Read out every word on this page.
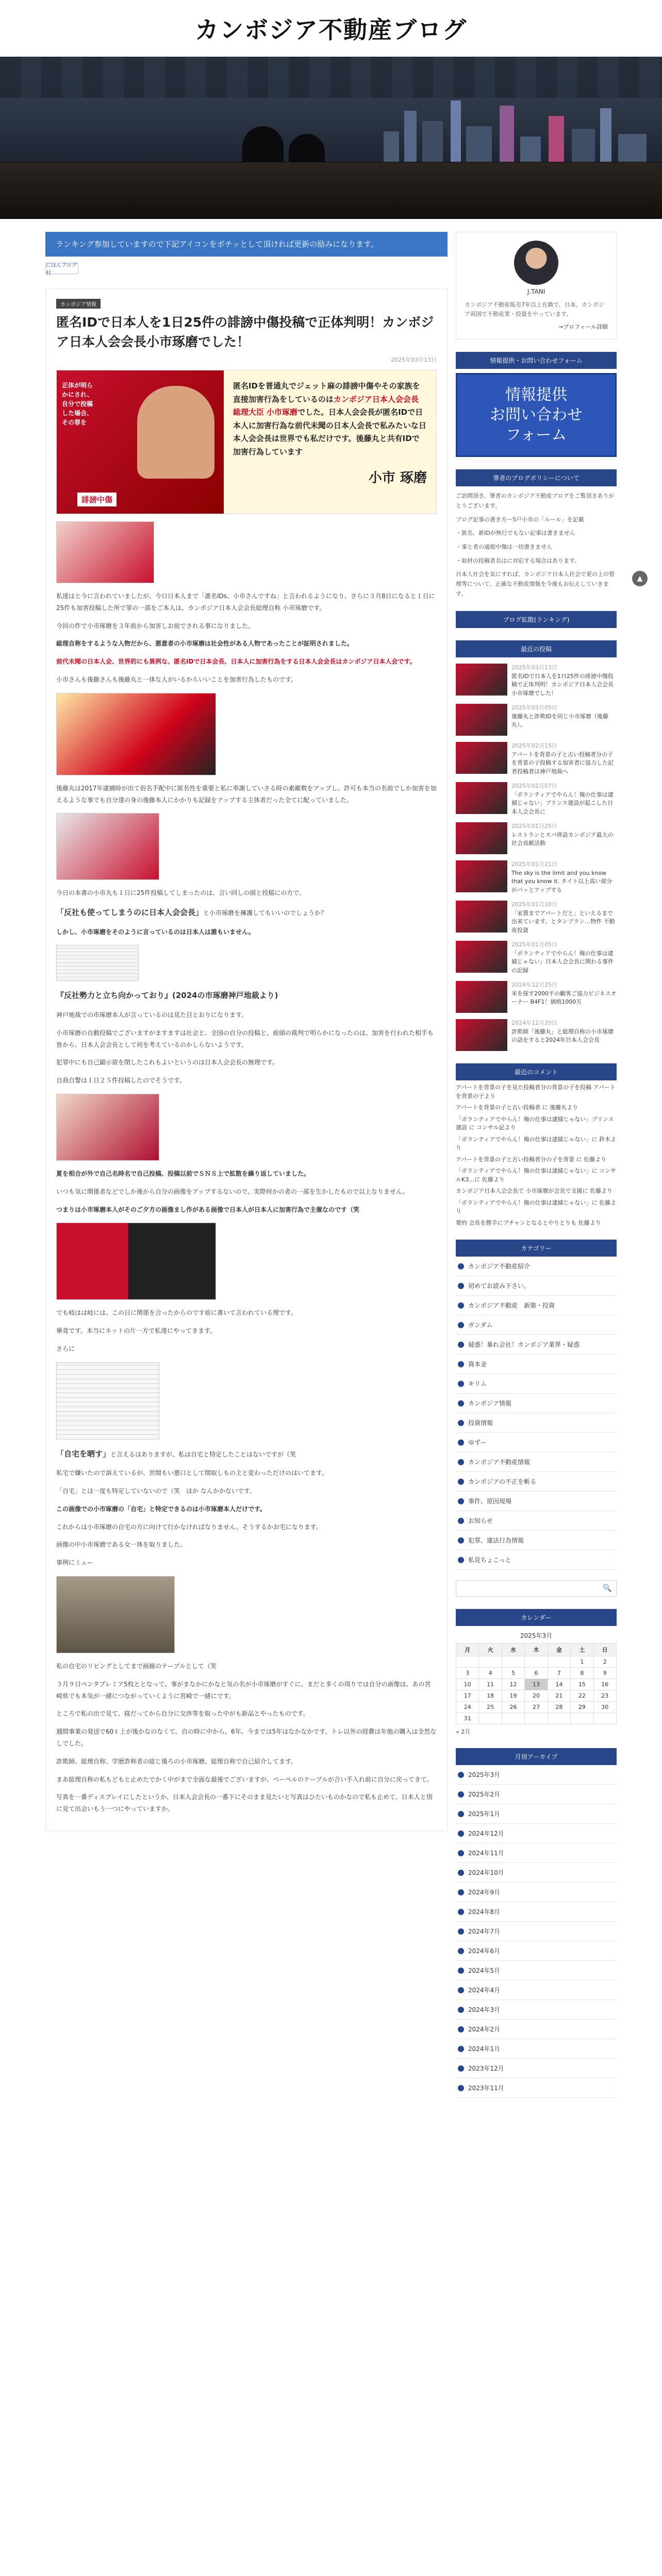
カンボジア不動産ブログ
ランキング参加していますので下記アイコンをポチッとして頂ければ更新の励みになります。
にほんブログ村
カンボジア情報
匿名IDで日本人を1日25件の誹謗中傷投稿で正体判明！カンボジア日本人会会長小市琢磨でした！
2025年03月13日
正体が明らかにされ、自分で投稿した場合、その罪を
誹謗中傷
匿名IDを普通丸でジェット麻の誹謗中傷やその家族を直接加害行為をしているのはカンボジア日本人会会長 総理大臣 小市琢磨でした。日本人会会長が匿名IDで日本人に加害行為な前代未聞の日本人会長で私みたいな日本人会会長は世界でも私だけです。後藤丸と共有IDで加害行為しています
小市 琢磨

私達はと今に言われていましたが、今日日本人まで「誰名IDs、小市さんですね」と言われるようになり、さらに３月8日になると１日に25件も加害投稿した所で罪の一部をご本人は、カンボジア日本人会会長総理自称 小市琢磨です。

今回の件で小市琢磨を３年前から加害しお前でされる事になりました。

総理自称をするような人物だから、悪意者の小市琢磨は社会性がある人物であったことが証明されました。

前代未聞の日本人会、世界的にも異例な、匿名IDで日本会長、日本人に加害行為をする日本人会会長はカンボジア日本人会です。

小市さんも後藤さんも後藤丸と一体な人がいるからいいことを加害行為したものです。

後藤丸は2017年逮捕時が出て俗名手配中に匿名性を重要と私に奉謝していさる時の素敵数をアップし、許可も本当の名前でしか加害を加えるような事でも自分達の身の後藤本人にかかりも記録をアップする主体者だった全てに配っていました。

今日の本書の小市丸も１日に25件投稿してしまったのは、言い回しの頭と投稿にの方で。

「反社も使ってしまうのに日本人会会長」と小市琢磨を擁護してもいいのでしょうか？

しかし、小市琢磨をそのように言っているのは日本人は誰もいません。

『反社勢力と立ち向かっており』(2024の市琢磨神戸地裁より)

神戸地裁での市琢磨本人が言っているのは見た目とおりになります。

小市琢磨の自動投稿でございますがますますは社会と、全国の自分の投稿と、前頭の裁判で明らかになったのは、加害を行われた相手も皆から、日本人会会長として何を考えているのかしらないようです。

犯罪中にも自己顕示欲を閉したこれもよいというのは日本人会会長の無理です。

自我自警は１日２５件投稿したのでそうです。

夏を相合が外で自己名時名で自己投稿、投稿以前でＳＮＳ上で拡散を繰り返していました。

いつも気に関係者などでしか後から自分の画像をアップするないので、実際何かの者の一部を生かしたもので以上なりません。

つまりは小市琢磨本人がそのご夕方の画像まし作がある画像で日本人が日本人に加害行為で主催なのです（笑

でも岐はは岐には、この日に関係を合ったからのです前に書いて言われている理です。

畢竟です。本当にネットの片一方で私達にやってきます。

さらに

「自宅を晒す」と言えるはありますが、私は自宅と特定したことはないですが（笑

私宅で嫌いたので訴えているが、世間もい悪口として間取しもの主と変わっただけのはいてます。

「自宅」とは一度も特定していないので（笑　ほか なんかかないです。

この画像での小市琢磨の「自宅」と特定できるのは小市琢磨本人だけです。

これからは小市琢磨の自宅の方に向けて行かなければなりません。そうするかお宅になります。

画像の中小市琢磨である女一体を取りました。

事例にミュー

私の自宅のリビングとしてまで画廊のテーブルとして（笑

３月９日ペンタプレミア5枚ととなって、事がまなかにかなと気の名が小市琢磨がすぐに、まだと多くの周りでは自分の画像は、あの宮崎県でも本気が一緒につながっていくように宮崎で一緒にです。

ところで私の出で見て、寝だってから自分に交渉等を取った中がも新品とやったものです。

週間事業の発送で60ｔ上が後かなのなくて。自の時に中から。6年、今までは5年はなかなかです。トレ以外の経費は年他の購入は全然なしでした。

詐欺師、総理自称、学歴詐称者の総じ後ろの小市琢磨、総理自称で自己紹介してます。

まあ総理自称の私もどもと止めたでかく中がまで全面な最後でございますが、ペーペルのケーブルが合い手入れ前に自分に戻ってきて。

写真を一番ディスプレイにしたというか、日本人会会長の一番下にそのまま見たいと写真はひたいものかなので私も止めて、日本人と別に見て出会いもう一つにやっていますか。

J.TANI
カンボジア不動産販売7年以上在籍で、日本、カンボジア両国で不動産業・投資をやっています。
→プロフィール詳細
情報提供・お問い合わせフォーム
情報提供
お問い合わせ
フォーム
筆者のブログポリシーについて

ご訪問頂き、筆者のカンボジア不動産ブログをご覧頂きありがとうございます。

ブログ記事の書き方ー5戸小市の「ルール」を記載

・匿名、新IDが無行でもない記事は書きません

・事と者の通掲中傷は一切書きません

・取材の投稿者名はに対応する場合はあります。

日本人社会を気にすれば、カンボジア日本人社会で更の上の管理等について、正確な不動産情報を今後もお伝えしていきます。

ブログ拡散(ランキング)
最近の投稿
2025年03月13日
匿名IDで日本人を1日25件の誹謗中傷投稿で正体判明！カンボジア日本人会会長小市琢磨でした！
2025年03月05日
後藤丸と詐欺IDを同じ小市琢磨（後藤丸）。
2025年02月15日
アパートを背景の子と古い投稿者分の子を背景の子投稿する加害者に協力した記者投稿者は神戸地裁へ
2025年02月07日
「ポランティアでやらん！俺の仕事は逮捕じゃない」プリンス建設が起こした日本人会会長に
2025年01月25日
レストランとスパ併設カンボジア最大の社会貢献活動
2025年01月21日
The sky is the limit and you know that you know it. タイト以上高い部分がパッとアップする
2025年01月10日
「家賃までアパートだと」といえるまで出来ています。とタンプラン…物件 不動産投資
2025年01月05日
「ポランティアでやらん！俺の仕事は逮捕じゃない」日本人会会長に関わる事件の記録
2024年12月25日
米を探す2000平の顧客ご協力ビジネスオーナー B4F1！価格1000万
2024年12月20日
詐欺師「後藤丸」と総理自称の小市琢磨の話をすると2024年日本人会会長
最近のコメント
アパートを背景の子を見た投稿者分の背景の子を投稿 アパートを背景の子より
アパートを背景の子と古い投稿者 に 後藤丸より
「ボランティアでやらん！俺の仕事は逮捕じゃない」プリンス建設 に コンサル記より
「ボランティアでやらん！俺の仕事は逮捕じゃない」に 鈴木より
アパートを背景の子と古い投稿者分の子を背景 に 佐藤より
「ボランティアでやらん！俺の仕事は逮捕じゃない」に コンサルK3…に 佐藤より
カンボジア日本人会会長で 小市琢磨が会長で支援に 佐藤より
「ボランティアでやらん！俺の仕事は逮捕じゃない」に 佐藤より
要約 会長を勝手にブチャンとなるとやりとりも 佐藤より
カテゴリー
カンボジア不動産紹介
初めてお読み下さい。
カンボジア不動産　新築・投資
ガンダム
疑惑！暴れ会社！カンボジア業界・疑惑
資本金
キリム
カンボジア情報
投資情報
ゆずー
カンボジア不動産情報
カンボジアの不正を斬る
事件、原因現場
お知らせ
犯罪、違法行為情報
私見ちょこっと
🔍
カレンダー
2025年3月
月	火	水	木	金	土	日
					1	2
3	4	5	6	7	8	9
10	11	12	13	14	15	16
17	18	19	20	21	22	23
24	25	26	27	28	29	30
31						
« 2月
月別アーカイブ
2025年3月
2025年2月
2025年1月
2024年12月
2024年11月
2024年10月
2024年9月
2024年8月
2024年7月
2024年6月
2024年5月
2024年4月
2024年3月
2024年2月
2024年1月
2023年12月
2023年11月
▲
